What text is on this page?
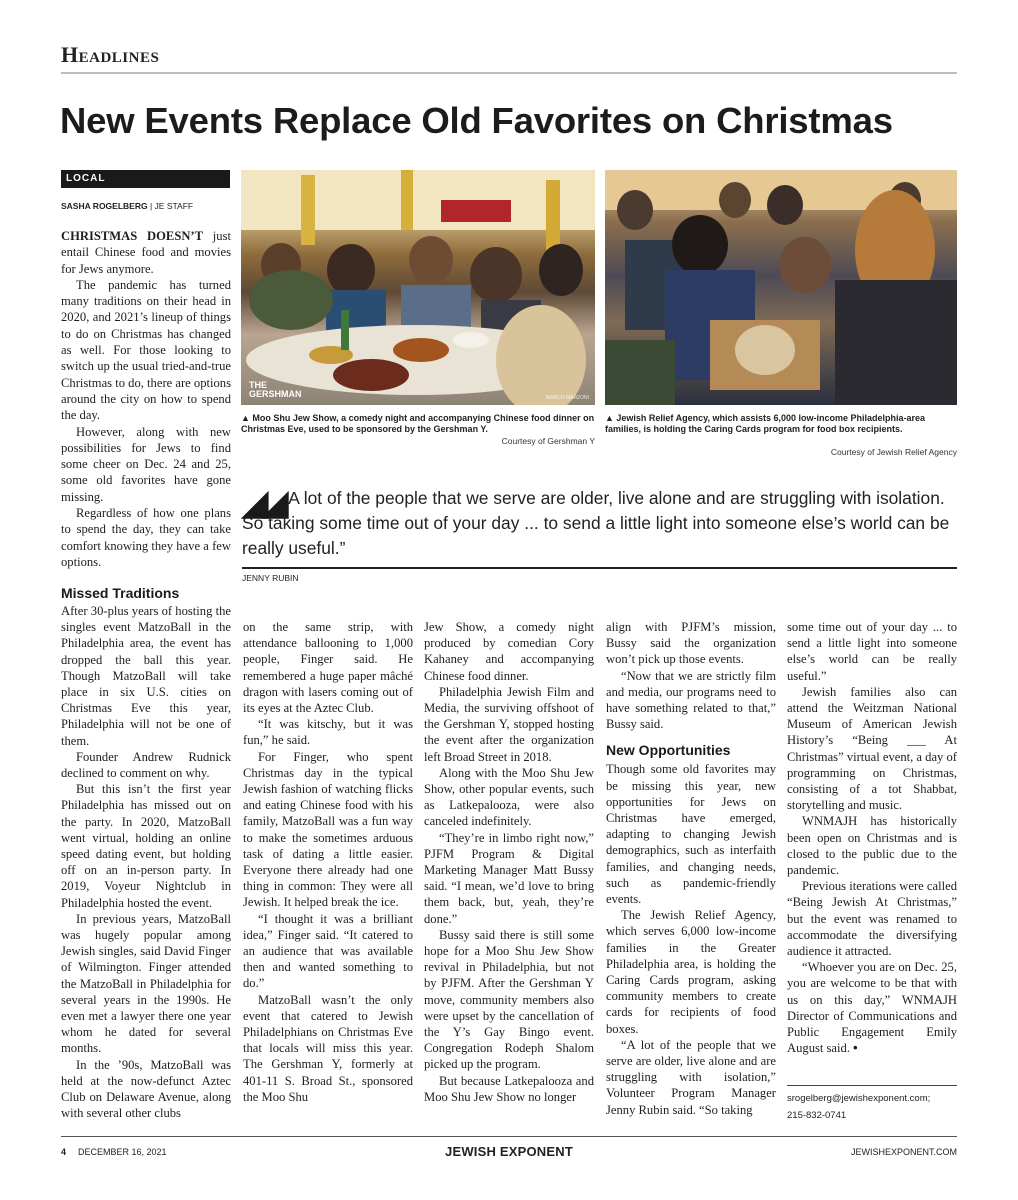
Headlines
New Events Replace Old Favorites on Christmas
LOCAL
SASHA ROGELBERG | JE STAFF

CHRISTMAS DOESN’T just entail Chinese food and movies for Jews anymore.

The pandemic has turned many traditions on their head in 2020, and 2021’s lineup of things to do on Christmas has changed as well. For those looking to switch up the usual tried-and-true Christmas to do, there are options around the city on how to spend the day.

However, along with new possibilities for Jews to find some cheer on Dec. 24 and 25, some old favorites have gone missing.

Regardless of how one plans to spend the day, they can take comfort knowing they have a few options.

THE
GERSHMAN	MARCO MARZONI
▲ Moo Shu Jew Show, a comedy night and accompanying Chinese food dinner on Christmas Eve, used to be sponsored by the Gershman Y.
Courtesy of Gershman Y
▲ Jewish Relief Agency, which assists 6,000 low-income Philadelphia-area families, is holding the Caring Cards program for food box recipients.
Courtesy of Jewish Relief Agency
◢◢ A lot of the people that we serve are older, live alone and are struggling with isolation. So taking some time out of your day ... to send a little light into someone else’s world can be really useful.”
JENNY RUBIN
Missed Traditions

After 30-plus years of hosting the singles event MatzoBall in the Philadelphia area, the event has dropped the ball this year. Though MatzoBall will take place in six U.S. cities on Christmas Eve this year, Philadelphia will not be one of them.

Founder Andrew Rudnick declined to comment on why.

But this isn’t the first year Philadelphia has missed out on the party. In 2020, MatzoBall went virtual, holding an online speed dating event, but holding off on an in-person party. In 2019, Voyeur Nightclub in Philadelphia hosted the event.

In previous years, MatzoBall was hugely popular among Jewish singles, said David Finger of Wilmington. Finger attended the MatzoBall in Philadelphia for several years in the 1990s. He even met a lawyer there one year whom he dated for several months.

In the ’90s, MatzoBall was held at the now-defunct Aztec Club on Delaware Avenue, along with several other clubs

on the same strip, with attendance ballooning to 1,000 people, Finger said. He remembered a huge paper mâché dragon with lasers coming out of its eyes at the Aztec Club.

“It was kitschy, but it was fun,” he said.

For Finger, who spent Christmas day in the typical Jewish fashion of watching flicks and eating Chinese food with his family, MatzoBall was a fun way to make the sometimes arduous task of dating a little easier. Everyone there already had one thing in common: They were all Jewish. It helped break the ice.

“I thought it was a brilliant idea,” Finger said. “It catered to an audience that was available then and wanted something to do.”

MatzoBall wasn’t the only event that catered to Jewish Philadelphians on Christmas Eve that locals will miss this year. The Gershman Y, formerly at 401-11 S. Broad St., sponsored the Moo Shu

Jew Show, a comedy night produced by comedian Cory Kahaney and accompanying Chinese food dinner.

Philadelphia Jewish Film and Media, the surviving offshoot of the Gershman Y, stopped hosting the event after the organization left Broad Street in 2018.

Along with the Moo Shu Jew Show, other popular events, such as Latkepalooza, were also canceled indefinitely.

“They’re in limbo right now,” PJFM Program & Digital Marketing Manager Matt Bussy said. “I mean, we’d love to bring them back, but, yeah, they’re done.”

Bussy said there is still some hope for a Moo Shu Jew Show revival in Philadelphia, but not by PJFM. After the Gershman Y move, community members also were upset by the cancellation of the Y’s Gay Bingo event. Congregation Rodeph Shalom picked up the program.

But because Latkepalooza and Moo Shu Jew Show no longer

align with PJFM’s mission, Bussy said the organization won’t pick up those events.

“Now that we are strictly film and media, our programs need to have something related to that,” Bussy said.

New Opportunities

Though some old favorites may be missing this year, new opportunities for Jews on Christmas have emerged, adapting to changing Jewish demographics, such as interfaith families, and changing needs, such as pandemic-friendly events.

The Jewish Relief Agency, which serves 6,000 low-income families in the Greater Philadelphia area, is holding the Caring Cards program, asking community members to create cards for recipients of food boxes.

“A lot of the people that we serve are older, live alone and are struggling with isolation,” Volunteer Program Manager Jenny Rubin said. “So taking

some time out of your day ... to send a little light into someone else’s world can be really useful.”

Jewish families also can attend the Weitzman National Museum of American Jewish History’s “Being ___ At Christmas” virtual event, a day of programming on Christmas, consisting of a tot Shabbat, storytelling and music.

WNMAJH has historically been open on Christmas and is closed to the public due to the pandemic.

Previous iterations were called “Being Jewish At Christmas,” but the event was renamed to accommodate the diversifying audience it attracted.

“Whoever you are on Dec. 25, you are welcome to be that with us on this day,” WNMAJH Director of Communications and Public Engagement Emily August said. •

srogelberg@jewishexponent.com;
215-832-0741
4 DECEMBER 16, 2021	JEWISH EXPONENT	JEWISHEXPONENT.COM
